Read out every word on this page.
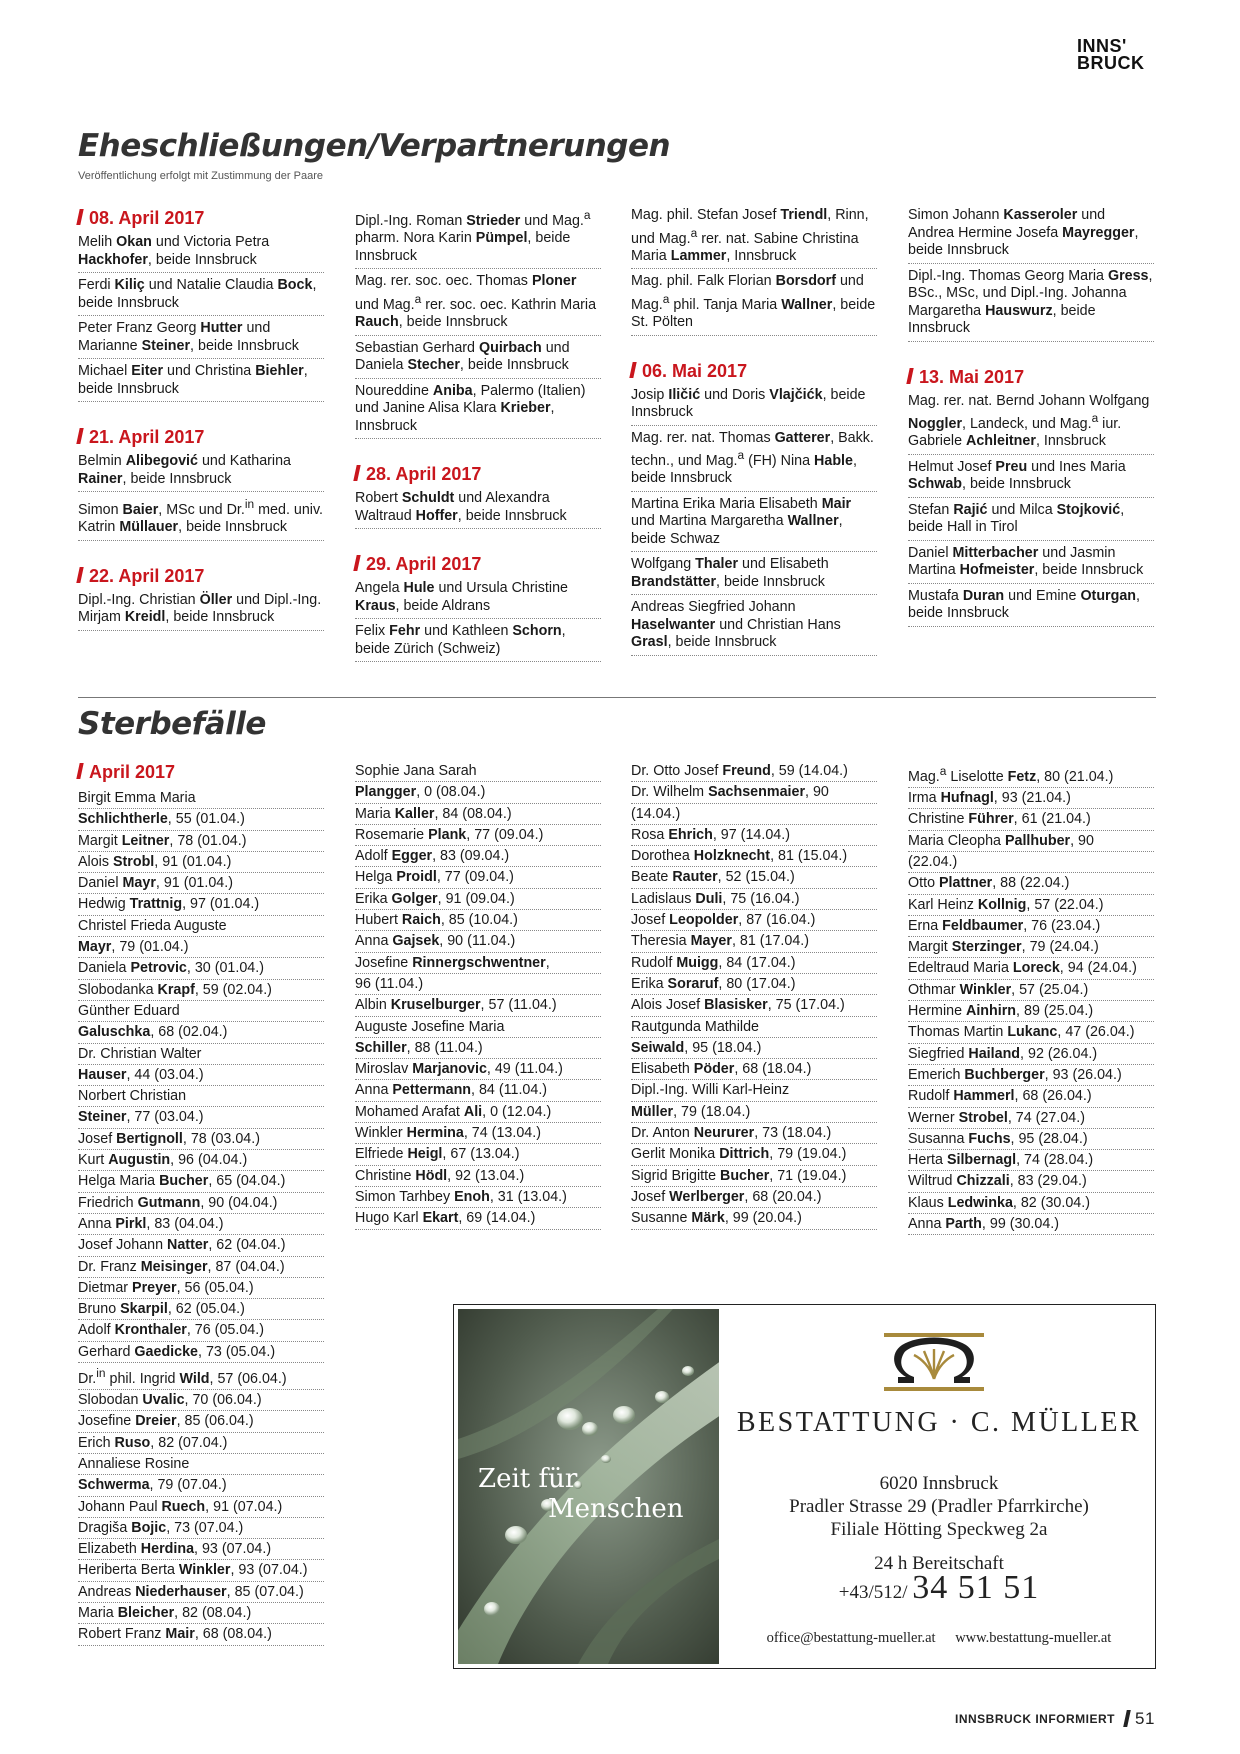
INNS'
BRUCK
Eheschließungen/Verpartnerungen
Veröffentlichung erfolgt mit Zustimmung der Paare
08. April 2017
Melih Okan und Victoria Petra Hackhofer, beide Innsbruck
Ferdi Kiliç und Natalie Claudia Bock, beide Innsbruck
Peter Franz Georg Hutter und Marianne Steiner, beide Innsbruck
Michael Eiter und Christina Biehler, beide Innsbruck
21. April 2017
Belmin Alibegović und Katharina Rainer, beide Innsbruck
Simon Baier, MSc und Dr.$^{in}$ med. univ. Katrin Müllauer, beide Innsbruck
22. April 2017
Dipl.-Ing. Christian Öller und Dipl.-Ing. Mirjam Kreidl, beide Innsbruck
Dipl.-Ing. Roman Strieder und Mag.$^a$ pharm. Nora Karin Pümpel, beide Innsbruck
Mag. rer. soc. oec. Thomas Ploner und Mag.$^a$ rer. soc. oec. Kathrin Maria Rauch, beide Innsbruck
Sebastian Gerhard Quirbach und Daniela Stecher, beide Innsbruck
Noureddine Aniba, Palermo (Italien) und Janine Alisa Klara Krieber, Innsbruck
28. April 2017
Robert Schuldt und Alexandra Waltraud Hoffer, beide Innsbruck
29. April 2017
Angela Hule und Ursula Christine Kraus, beide Aldrans
Felix Fehr und Kathleen Schorn, beide Zürich (Schweiz)
Mag. phil. Stefan Josef Triendl, Rinn, und Mag.$^a$ rer. nat. Sabine Christina Maria Lammer, Innsbruck
Mag. phil. Falk Florian Borsdorf und Mag.$^a$ phil. Tanja Maria Wallner, beide St. Pölten
06. Mai 2017
Josip Iličić und Doris Vlajčićk, beide Innsbruck
Mag. rer. nat. Thomas Gatterer, Bakk. techn., und Mag.$^a$ (FH) Nina Hable, beide Innsbruck
Martina Erika Maria Elisabeth Mair und Martina Margaretha Wallner, beide Schwaz
Wolfgang Thaler und Elisabeth Brandstätter, beide Innsbruck
Andreas Siegfried Johann Haselwanter und Christian Hans Grasl, beide Innsbruck
Simon Johann Kasseroler und Andrea Hermine Josefa Mayregger, beide Innsbruck
Dipl.-Ing. Thomas Georg Maria Gress, BSc., MSc, und Dipl.-Ing. Johanna Margaretha Hauswurz, beide Innsbruck
13. Mai 2017
Mag. rer. nat. Bernd Johann Wolfgang Noggler, Landeck, und Mag.$^a$ iur. Gabriele Achleitner, Innsbruck
Helmut Josef Preu und Ines Maria Schwab, beide Innsbruck
Stefan Rajić und Milca Stojković, beide Hall in Tirol
Daniel Mitterbacher und Jasmin Martina Hofmeister, beide Innsbruck
Mustafa Duran und Emine Oturgan, beide Innsbruck
Sterbefälle
April 2017
Birgit Emma Maria
Schlichtherle, 55 (01.04.)
Margit Leitner, 78 (01.04.)
Alois Strobl, 91 (01.04.)
Daniel Mayr, 91 (01.04.)
Hedwig Trattnig, 97 (01.04.)
Christel Frieda Auguste
Mayr, 79 (01.04.)
Daniela Petrovic, 30 (01.04.)
Slobodanka Krapf, 59 (02.04.)
Günther Eduard
Galuschka, 68 (02.04.)
Dr. Christian Walter
Hauser, 44 (03.04.)
Norbert Christian
Steiner, 77 (03.04.)
Josef Bertignoll, 78 (03.04.)
Kurt Augustin, 96 (04.04.)
Helga Maria Bucher, 65 (04.04.)
Friedrich Gutmann, 90 (04.04.)
Anna Pirkl, 83 (04.04.)
Josef Johann Natter, 62 (04.04.)
Dr. Franz Meisinger, 87 (04.04.)
Dietmar Preyer, 56 (05.04.)
Bruno Skarpil, 62 (05.04.)
Adolf Kronthaler, 76 (05.04.)
Gerhard Gaedicke, 73 (05.04.)
Dr.$^{in}$ phil. Ingrid Wild, 57 (06.04.)
Slobodan Uvalic, 70 (06.04.)
Josefine Dreier, 85 (06.04.)
Erich Ruso, 82 (07.04.)
Annaliese Rosine
Schwerma, 79 (07.04.)
Johann Paul Ruech, 91 (07.04.)
Dragiša Bojic, 73 (07.04.)
Elizabeth Herdina, 93 (07.04.)
Heriberta Berta Winkler, 93 (07.04.)
Andreas Niederhauser, 85 (07.04.)
Maria Bleicher, 82 (08.04.)
Robert Franz Mair, 68 (08.04.)
Sophie Jana Sarah
Plangger, 0 (08.04.)
Maria Kaller, 84 (08.04.)
Rosemarie Plank, 77 (09.04.)
Adolf Egger, 83 (09.04.)
Helga Proidl, 77 (09.04.)
Erika Golger, 91 (09.04.)
Hubert Raich, 85 (10.04.)
Anna Gajsek, 90 (11.04.)
Josefine Rinnergschwentner,
96 (11.04.)
Albin Kruselburger, 57 (11.04.)
Auguste Josefine Maria
Schiller, 88 (11.04.)
Miroslav Marjanovic, 49 (11.04.)
Anna Pettermann, 84 (11.04.)
Mohamed Arafat Ali, 0 (12.04.)
Winkler Hermina, 74 (13.04.)
Elfriede Heigl, 67 (13.04.)
Christine Hödl, 92 (13.04.)
Simon Tarhbey Enoh, 31 (13.04.)
Hugo Karl Ekart, 69 (14.04.)
Dr. Otto Josef Freund, 59 (14.04.)
Dr. Wilhelm Sachsenmaier, 90
(14.04.)
Rosa Ehrich, 97 (14.04.)
Dorothea Holzknecht, 81 (15.04.)
Beate Rauter, 52 (15.04.)
Ladislaus Duli, 75 (16.04.)
Josef Leopolder, 87 (16.04.)
Theresia Mayer, 81 (17.04.)
Rudolf Muigg, 84 (17.04.)
Erika Soraruf, 80 (17.04.)
Alois Josef Blasisker, 75 (17.04.)
Rautgunda Mathilde
Seiwald, 95 (18.04.)
Elisabeth Pöder, 68 (18.04.)
Dipl.-Ing. Willi Karl-Heinz
Müller, 79 (18.04.)
Dr. Anton Neururer, 73 (18.04.)
Gerlit Monika Dittrich, 79 (19.04.)
Sigrid Brigitte Bucher, 71 (19.04.)
Josef Werlberger, 68 (20.04.)
Susanne Märk, 99 (20.04.)
Mag.$^a$ Liselotte Fetz, 80 (21.04.)
Irma Hufnagl, 93 (21.04.)
Christine Führer, 61 (21.04.)
Maria Cleopha Pallhuber, 90
(22.04.)
Otto Plattner, 88 (22.04.)
Karl Heinz Kollnig, 57 (22.04.)
Erna Feldbaumer, 76 (23.04.)
Margit Sterzinger, 79 (24.04.)
Edeltraud Maria Loreck, 94 (24.04.)
Othmar Winkler, 57 (25.04.)
Hermine Ainhirn, 89 (25.04.)
Thomas Martin Lukanc, 47 (26.04.)
Siegfried Hailand, 92 (26.04.)
Emerich Buchberger, 93 (26.04.)
Rudolf Hammerl, 68 (26.04.)
Werner Strobel, 74 (27.04.)
Susanna Fuchs, 95 (28.04.)
Herta Silbernagl, 74 (28.04.)
Wiltrud Chizzali, 83 (29.04.)
Klaus Ledwinka, 82 (30.04.)
Anna Parth, 99 (30.04.)
Zeit für
Menschen
BESTATTUNG · C. MÜLLER
6020 Innsbruck
Pradler Strasse 29 (Pradler Pfarrkirche)
Filiale Hötting Speckweg 2a
24 h Bereitschaft
+43/512/ 34 51 51
office@bestattung-mueller.at www.bestattung-mueller.at
INNSBRUCK INFORMIERT 51
